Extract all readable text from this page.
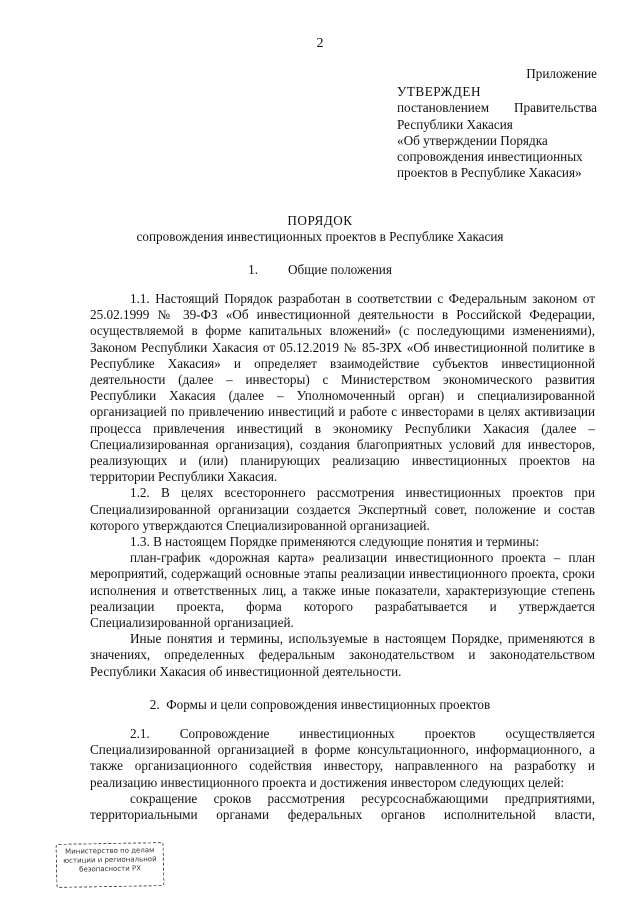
2
Приложение
УТВЕРЖДЕН
постановлением Правительства
Республики Хакасия
«Об утверждении Порядка
сопровождения инвестиционных
проектов в Республике Хакасия»
ПОРЯДОК
сопровождения инвестиционных проектов в Республике Хакасия
1. Общие положения

1.1. Настоящий Порядок разработан в соответствии с Федеральным законом от 25.02.1999 № 39-ФЗ «Об инвестиционной деятельности в Российской Федерации, осуществляемой в форме капитальных вложений» (с последующими изменениями), Законом Республики Хакасия от 05.12.2019 № 85-ЗРХ «Об инвестиционной политике в Республике Хакасия» и определяет взаимодействие субъектов инвестиционной деятельности (далее – инвесторы) с Министерством экономического развития Республики Хакасия (далее – Уполномоченный орган) и специализированной организацией по привлечению инвестиций и работе с инвесторами в целях активизации процесса привлечения инвестиций в экономику Республики Хакасия (далее – Специализированная организация), создания благоприятных условий для инвесторов, реализующих и (или) планирующих реализацию инвестиционных проектов на территории Республики Хакасия.

1.2. В целях всестороннего рассмотрения инвестиционных проектов при Специализированной организации создается Экспертный совет, положение и состав которого утверждаются Специализированной организацией.

1.3. В настоящем Порядке применяются следующие понятия и термины:

план-график «дорожная карта» реализации инвестиционного проекта – план мероприятий, содержащий основные этапы реализации инвестиционного проекта, сроки исполнения и ответственных лиц, а также иные показатели, характеризующие степень реализации проекта, форма которого разрабатывается и утверждается Специализированной организацией.

Иные понятия и термины, используемые в настоящем Порядке, применяются в значениях, определенных федеральным законодательством и законодательством Республики Хакасия об инвестиционной деятельности.

2. Формы и цели сопровождения инвестиционных проектов

2.1. Сопровождение инвестиционных проектов осуществляется Специализированной организацией в форме консультационного, информационного, а также организационного содействия инвестору, направленного на разработку и реализацию инвестиционного проекта и достижения инвестором следующих целей:

сокращение сроков рассмотрения ресурсоснабжающими предприятиями, территориальными органами федеральных органов исполнительной власти,

Министерство по делам
юстиции и региональной
безопасности РХ
